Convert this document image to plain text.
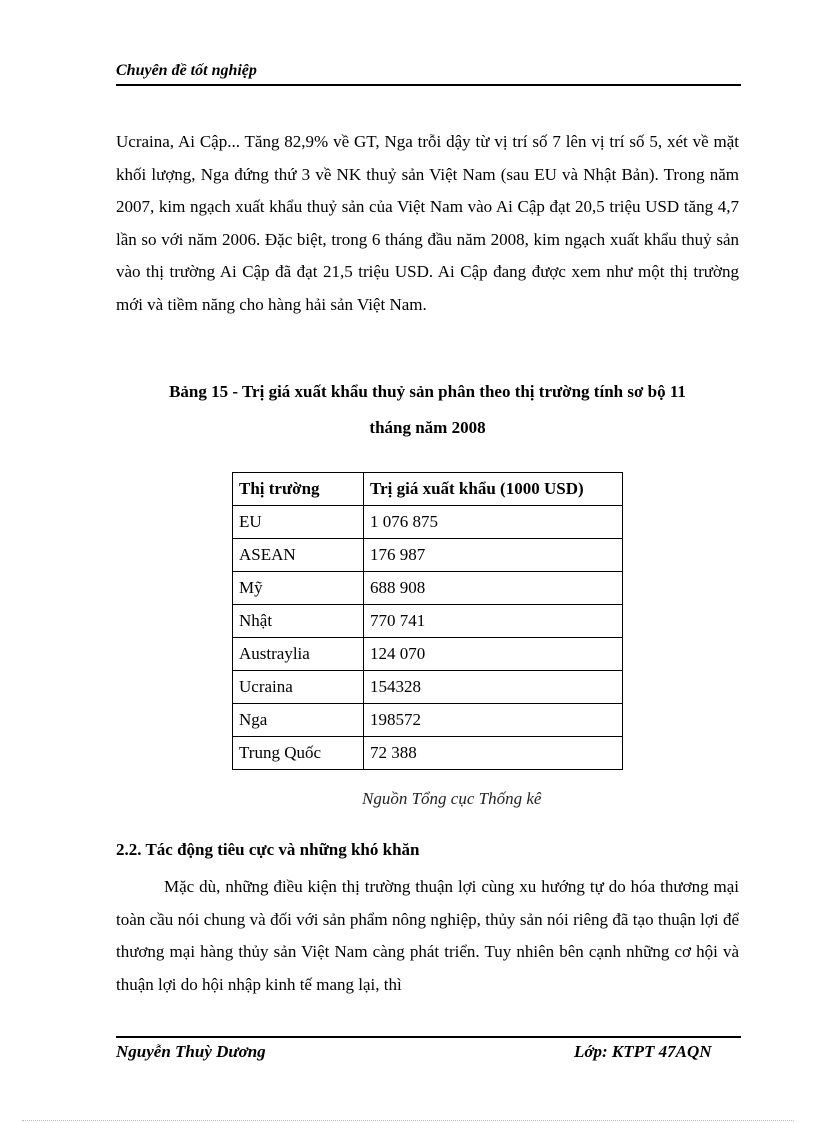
Chuyên đề tốt nghiệp

Ucraina, Ai Cập... Tăng 82,9% về GT, Nga trỗi dậy từ vị trí số 7 lên vị trí số 5, xét về mặt khối lượng, Nga đứng thứ 3 về NK thuỷ sản Việt Nam (sau EU và Nhật Bản). Trong năm 2007, kim ngạch xuất khẩu thuỷ sản của Việt Nam vào Ai Cập đạt 20,5 triệu USD tăng 4,7 lần so với năm 2006. Đặc biệt, trong 6 tháng đầu năm 2008, kim ngạch xuất khẩu thuỷ sản vào thị trường Ai Cập đã đạt 21,5 triệu USD. Ai Cập đang được xem như một thị trường mới và tiềm năng cho hàng hải sản Việt Nam.

Bảng 15 - Trị giá xuất khẩu thuỷ sản phân theo thị trường tính sơ bộ 11
tháng năm 2008
Thị trường	Trị giá xuất khẩu (1000 USD)
EU	1 076 875
ASEAN	176 987
Mỹ	688 908
Nhật	770 741
Austraylia	124 070
Ucraina	154328
Nga	198572
Trung Quốc	72 388
Nguồn Tổng cục Thống kê
2.2. Tác động tiêu cực và những khó khăn

Mặc dù, những điều kiện thị trường thuận lợi cùng xu hướng tự do hóa thương mại toàn cầu nói chung và đối với sản phẩm nông nghiệp, thủy sản nói riêng đã tạo thuận lợi để thương mại hàng thủy sản Việt Nam càng phát triển. Tuy nhiên bên cạnh những cơ hội và thuận lợi do hội nhập kinh tế mang lại, thì

Nguyễn Thuỳ Dương	Lớp: KTPT 47AQN
